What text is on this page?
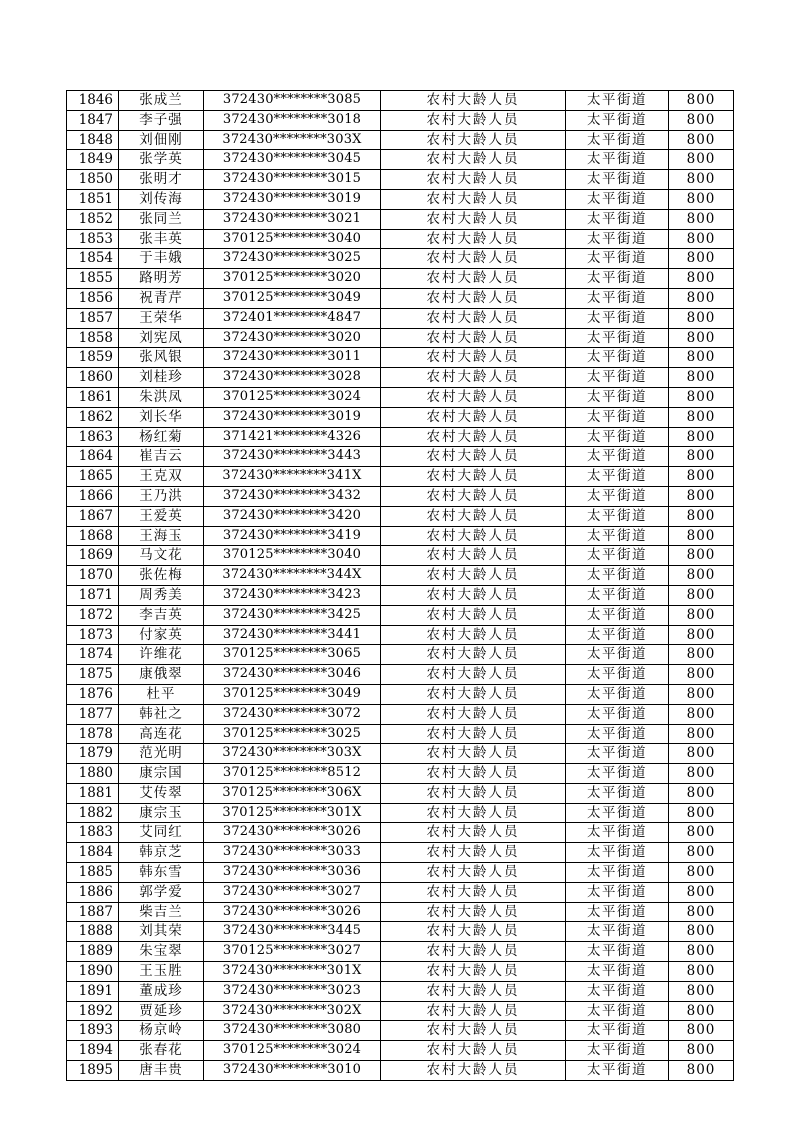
1846	张成兰	372430********3085	农村大龄人员	太平街道	800
1847	李子强	372430********3018	农村大龄人员	太平街道	800
1848	刘佃刚	372430********303X	农村大龄人员	太平街道	800
1849	张学英	372430********3045	农村大龄人员	太平街道	800
1850	张明才	372430********3015	农村大龄人员	太平街道	800
1851	刘传海	372430********3019	农村大龄人员	太平街道	800
1852	张同兰	372430********3021	农村大龄人员	太平街道	800
1853	张丰英	370125********3040	农村大龄人员	太平街道	800
1854	于丰娥	372430********3025	农村大龄人员	太平街道	800
1855	路明芳	370125********3020	农村大龄人员	太平街道	800
1856	祝青芹	370125********3049	农村大龄人员	太平街道	800
1857	王荣华	372401********4847	农村大龄人员	太平街道	800
1858	刘宪凤	372430********3020	农村大龄人员	太平街道	800
1859	张风银	372430********3011	农村大龄人员	太平街道	800
1860	刘桂珍	372430********3028	农村大龄人员	太平街道	800
1861	朱洪凤	370125********3024	农村大龄人员	太平街道	800
1862	刘长华	372430********3019	农村大龄人员	太平街道	800
1863	杨红菊	371421********4326	农村大龄人员	太平街道	800
1864	崔吉云	372430********3443	农村大龄人员	太平街道	800
1865	王克双	372430********341X	农村大龄人员	太平街道	800
1866	王乃洪	372430********3432	农村大龄人员	太平街道	800
1867	王爱英	372430********3420	农村大龄人员	太平街道	800
1868	王海玉	372430********3419	农村大龄人员	太平街道	800
1869	马文花	370125********3040	农村大龄人员	太平街道	800
1870	张佐梅	372430********344X	农村大龄人员	太平街道	800
1871	周秀美	372430********3423	农村大龄人员	太平街道	800
1872	李吉英	372430********3425	农村大龄人员	太平街道	800
1873	付家英	372430********3441	农村大龄人员	太平街道	800
1874	许维花	370125********3065	农村大龄人员	太平街道	800
1875	康俄翠	372430********3046	农村大龄人员	太平街道	800
1876	杜平	370125********3049	农村大龄人员	太平街道	800
1877	韩社之	372430********3072	农村大龄人员	太平街道	800
1878	高连花	370125********3025	农村大龄人员	太平街道	800
1879	范光明	372430********303X	农村大龄人员	太平街道	800
1880	康宗国	370125********8512	农村大龄人员	太平街道	800
1881	艾传翠	370125********306X	农村大龄人员	太平街道	800
1882	康宗玉	370125********301X	农村大龄人员	太平街道	800
1883	艾同红	372430********3026	农村大龄人员	太平街道	800
1884	韩京芝	372430********3033	农村大龄人员	太平街道	800
1885	韩东雪	372430********3036	农村大龄人员	太平街道	800
1886	郭学爱	372430********3027	农村大龄人员	太平街道	800
1887	柴吉兰	372430********3026	农村大龄人员	太平街道	800
1888	刘其荣	372430********3445	农村大龄人员	太平街道	800
1889	朱宝翠	370125********3027	农村大龄人员	太平街道	800
1890	王玉胜	372430********301X	农村大龄人员	太平街道	800
1891	董成珍	372430********3023	农村大龄人员	太平街道	800
1892	贾延珍	372430********302X	农村大龄人员	太平街道	800
1893	杨京岭	372430********3080	农村大龄人员	太平街道	800
1894	张春花	370125********3024	农村大龄人员	太平街道	800
1895	唐丰贵	372430********3010	农村大龄人员	太平街道	800
